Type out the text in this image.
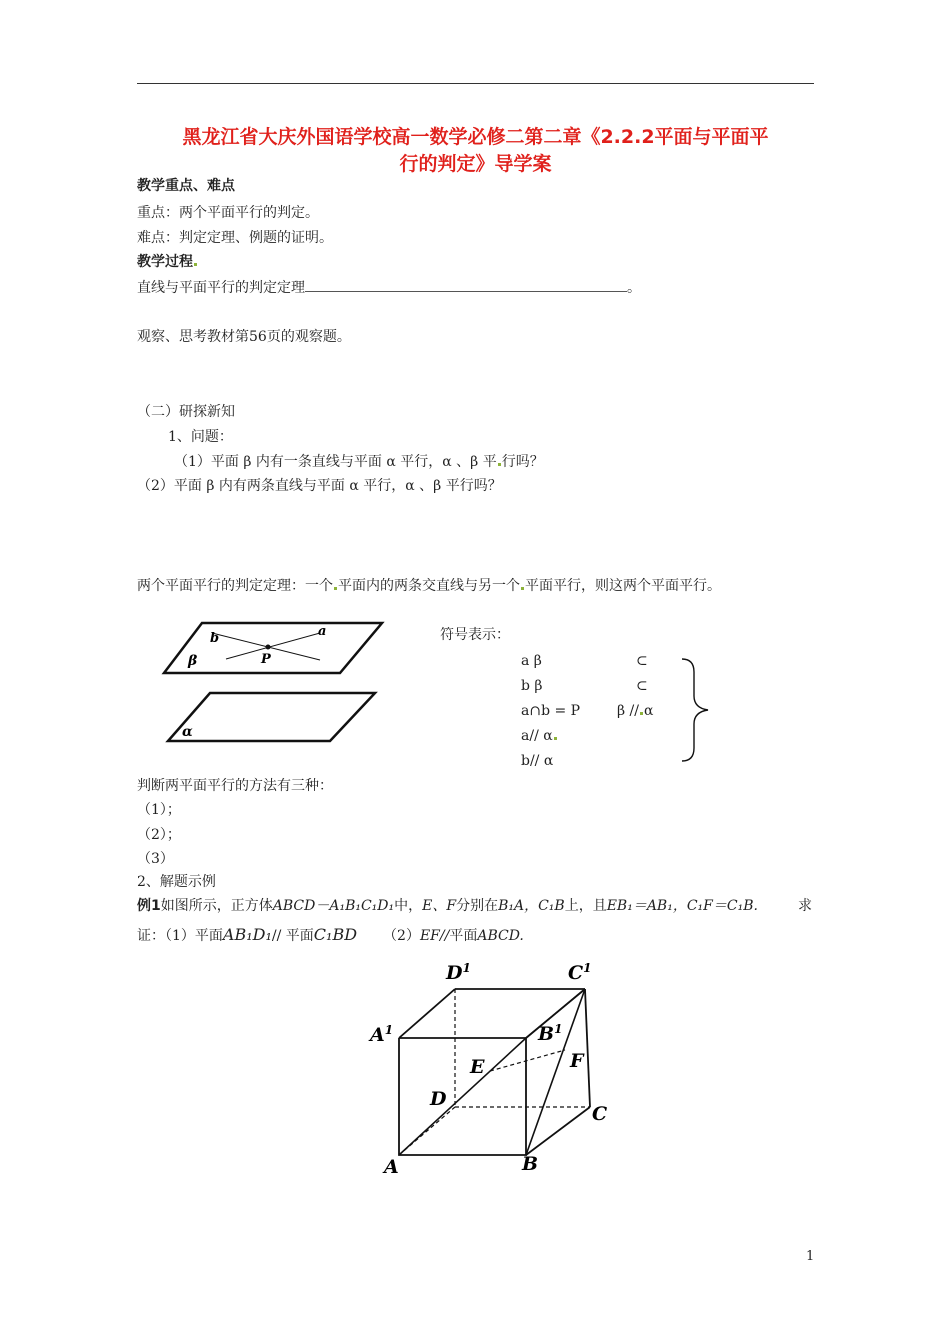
黑龙江省大庆外国语学校高一数学必修二第二章《2.2.2平面与平面平
行的判定》导学案
教学重点、难点
重点：两个平面平行的判定。
难点：判定定理、例题的证明。
教学过程
直线与平面平行的判定定理	。
观察、思考教材第56页的观察题。
（二）研探新知
1、问题：
（1）平面 β 内有一条直线与平面 α 平行，α 、β 平 行吗？
（2）平面 β 内有两条直线与平面 α 平行，α 、β 平行吗？
两个平面平行的判定定理：一个 平面内的两条交直线与另一个 平面平行，则这两个平面平行。
b	a
β	P
α
符号表示：
a β	⊂
b β	⊂
a∩b = P	β // α
a// α
b// α
判断两平面平行的方法有三种：
（1）；
（2）；
（3）
2、解题示例
例1如图所示，正方体ABCD－A₁B₁C₁D₁中，E、F分别在B₁A，C₁B上，且EB₁＝AB₁，C₁F＝C₁B.	求
证：（1）平面AB₁D₁// 平面C₁BD （2）EF//平面ABCD.
$D^1$	$C^1$
$A^1$	$B^1$
E	F
D
C
A	B
1
